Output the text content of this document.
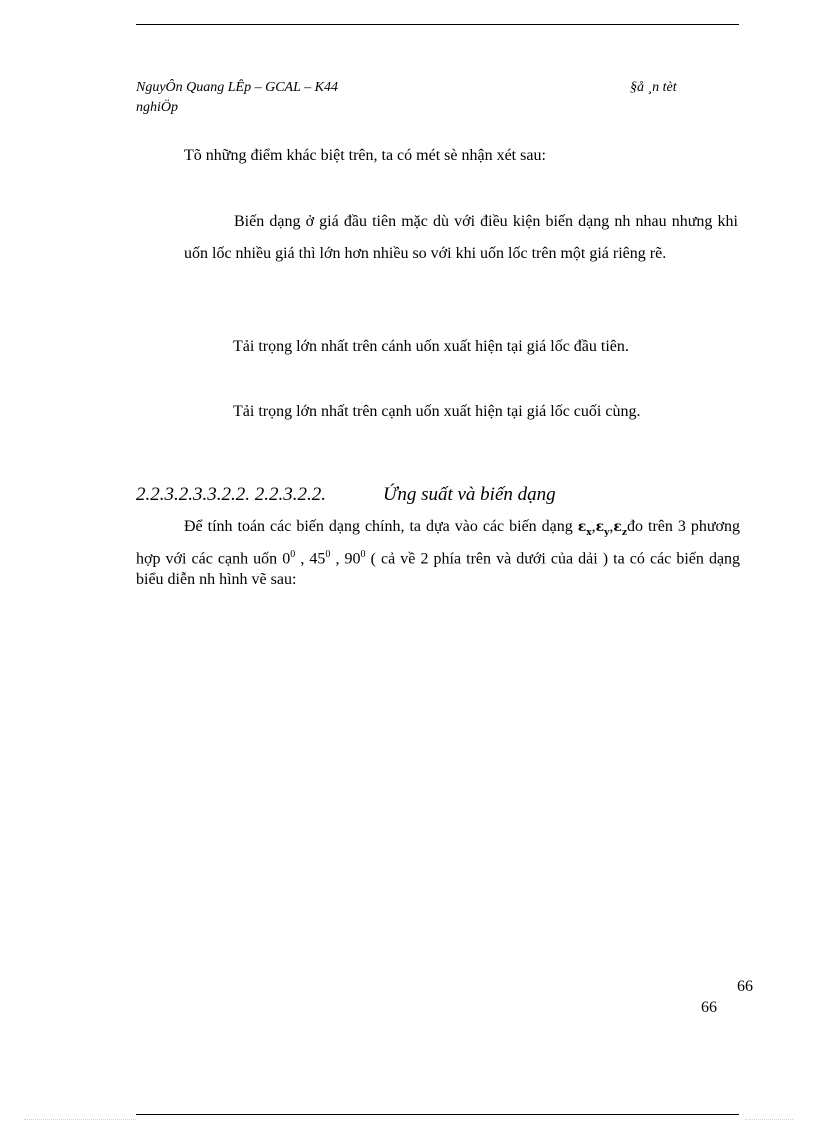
NguyÔn Quang LÊp – GCAL – K44
nghiÖp
§å ¸n tèt
Tõ những điểm khác biệt trên, ta có mét sè nhận xét sau:
Biến dạng ở giá đầu tiên mặc dù với điều kiện biến dạng nh nhau nhưng khi uốn lốc nhiều giá thì lớn hơn nhiều so với khi uốn lốc trên một giá riêng rẽ.
Tải trọng lớn nhất trên cánh uốn xuất hiện tại giá lốc đầu tiên.
Tải trọng lớn nhất trên cạnh uốn xuất hiện tại giá lốc cuối cùng.
2.2.3.2.3.3.2.2. 2.2.3.2.2.	Ứng suất và biến dạng
Để tính toán các biến dạng chính, ta dựa vào các biến dạng $\varepsilon_x,\varepsilon_y,\varepsilon_zđo$ trên 3 phương hợp với các cạnh uốn $0^0$ , $45^0$ , $90^0$ ( cả về 2 phía trên và dưới của dải ) ta có các biến dạng biểu diễn nh hình vẽ sau:
66
66
